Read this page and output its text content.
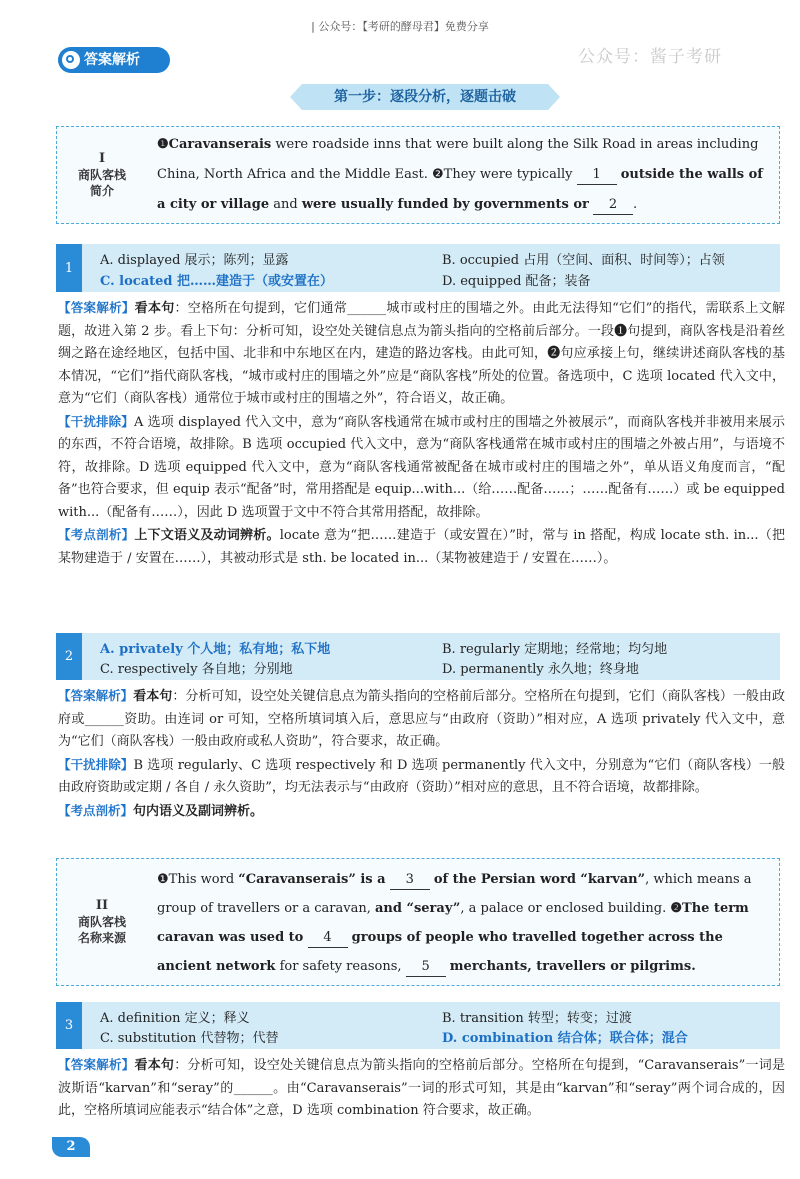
| 公众号：【考研的酵母君】免费分享
公众号：酱子考研
答案解析
第一步：逐段分析，逐题击破
I
商队客栈
简介
❶Caravanserais were roadside inns that were built along the Silk Road in areas including China, North Africa and the Middle East. ❷They were typically 1 outside the walls of a city or village and were usually funded by governments or 2 .
1	A. displayed 展示；陈列；显露	B. occupied 占用（空间、面积、时间等）；占领
C. located 把……建造于（或安置在）	D. equipped 配备；装备
【答案解析】看本句：空格所在句提到，它们通常______城市或村庄的围墙之外。由此无法得知“它们”的指代，需联系上文解题，故进入第 2 步。看上下句：分析可知，设空处关键信息点为箭头指向的空格前后部分。一段❶句提到，商队客栈是沿着丝绸之路在途经地区，包括中国、北非和中东地区在内，建造的路边客栈。由此可知，❷句应承接上句，继续讲述商队客栈的基本情况，“它们”指代商队客栈，“城市或村庄的围墙之外”应是“商队客栈”所处的位置。备选项中，C 选项 located 代入文中，意为“它们（商队客栈）通常位于城市或村庄的围墙之外”，符合语义，故正确。
【干扰排除】A 选项 displayed 代入文中，意为“商队客栈通常在城市或村庄的围墙之外被展示”，而商队客栈并非被用来展示的东西，不符合语境，故排除。B 选项 occupied 代入文中，意为“商队客栈通常在城市或村庄的围墙之外被占用”，与语境不符，故排除。D 选项 equipped 代入文中，意为“商队客栈通常被配备在城市或村庄的围墙之外”，单从语义角度而言，“配备”也符合要求，但 equip 表示“配备”时，常用搭配是 equip...with...（给……配备……；……配备有……）或 be equipped with...（配备有……），因此 D 选项置于文中不符合其常用搭配，故排除。
【考点剖析】上下文语义及动词辨析。locate 意为“把……建造于（或安置在）”时，常与 in 搭配，构成 locate sth. in...（把某物建造于 / 安置在……），其被动形式是 sth. be located in...（某物被建造于 / 安置在……）。
2	A. privately 个人地；私有地；私下地	B. regularly 定期地；经常地；均匀地
C. respectively 各自地；分别地	D. permanently 永久地；终身地
【答案解析】看本句：分析可知，设空处关键信息点为箭头指向的空格前后部分。空格所在句提到，它们（商队客栈）一般由政府或______资助。由连词 or 可知，空格所填词填入后，意思应与“由政府（资助）”相对应，A 选项 privately 代入文中，意为“它们（商队客栈）一般由政府或私人资助”，符合要求，故正确。
【干扰排除】B 选项 regularly、C 选项 respectively 和 D 选项 permanently 代入文中，分别意为“它们（商队客栈）一般由政府资助或定期 / 各自 / 永久资助”，均无法表示与“由政府（资助）”相对应的意思，且不符合语境，故都排除。
【考点剖析】句内语义及副词辨析。
II
商队客栈
名称来源
❶This word “Caravanserais” is a 3 of the Persian word “karvan”, which means a group of travellers or a caravan, and “seray”, a palace or enclosed building. ❷The term caravan was used to 4 groups of people who travelled together across the ancient network for safety reasons, 5 merchants, travellers or pilgrims.
3	A. definition 定义；释义	B. transition 转型；转变；过渡
C. substitution 代替物；代替	D. combination 结合体；联合体；混合
【答案解析】看本句：分析可知，设空处关键信息点为箭头指向的空格前后部分。空格所在句提到，“Caravanserais”一词是波斯语“karvan”和“seray”的______。由“Caravanserais”一词的形式可知，其是由“karvan”和“seray”两个词合成的，因此，空格所填词应能表示“结合体”之意，D 选项 combination 符合要求，故正确。
2
